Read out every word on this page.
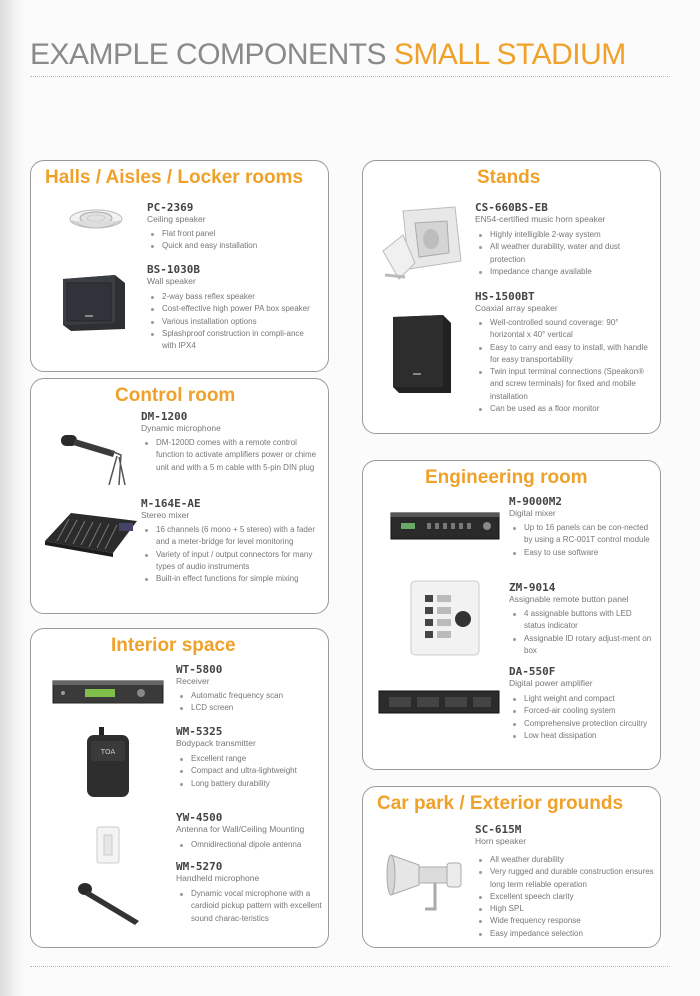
EXAMPLE COMPONENTS SMALL STADIUM
Halls / Aisles / Locker rooms
PC-2369
Ceiling speaker
Flat front panel
Quick and easy installation
BS-1030B
Wall speaker
2-way bass reflex speaker
Cost-effective high power PA box speaker
Various installation options
Splashproof construction in compli-ance with IPX4
Control room
DM-1200
Dynamic microphone
DM-1200D comes with a remote control function to activate amplifiers power or chime unit and with a 5 m cable with 5-pin DIN plug
M-164E-AE
Stereo mixer
16 channels (6 mono + 5 stereo) with a fader and a meter-bridge for level monitoring
Variety of input / output connectors for many types of audio instruments
Built-in effect functions for simple mixing
Interior space
WT-5800
Receiver
Automatic frequency scan
LCD screen
TOA
WM-5325
Bodypack transmitter
Excellent range
Compact and ultra-lightweight
Long battery durability
YW-4500
Antenna for Wall/Ceiling Mounting
Omnidirectional dipole antenna
WM-5270
Handheld microphone
Dynamic vocal microphone with a cardioid pickup pattern with excellent sound charac-teristics
Stands
CS-660BS-EB
EN54-certified music horn speaker
Highly intelligible 2-way system
All weather durability, water and dust protection
Impedance change available
HS-1500BT
Coaxial array speaker
Well-controlled sound coverage: 90° horizontal x 40° vertical
Easy to carry and easy to install, with handle for easy transportability
Twin input terminal connections (Speakon® and screw terminals) for fixed and mobile installation
Can be used as a floor monitor
Engineering room
M-9000M2
Digital mixer
Up to 16 panels can be con-nected by using a RC-001T control module
Easy to use software
ZM-9014
Assignable remote button panel
4 assignable buttons with LED status indicator
Assignable ID rotary adjust-ment on box
DA-550F
Digital power amplifier
Light weight and compact
Forced-air cooling system
Comprehensive protection circuitry
Low heat dissipation
Car park / Exterior grounds
SC-615M
Horn speaker
All weather durability
Very rugged and durable construction ensures long term reliable operation
Excellent speech clarity
High SPL
Wide frequency response
Easy impedance selection
